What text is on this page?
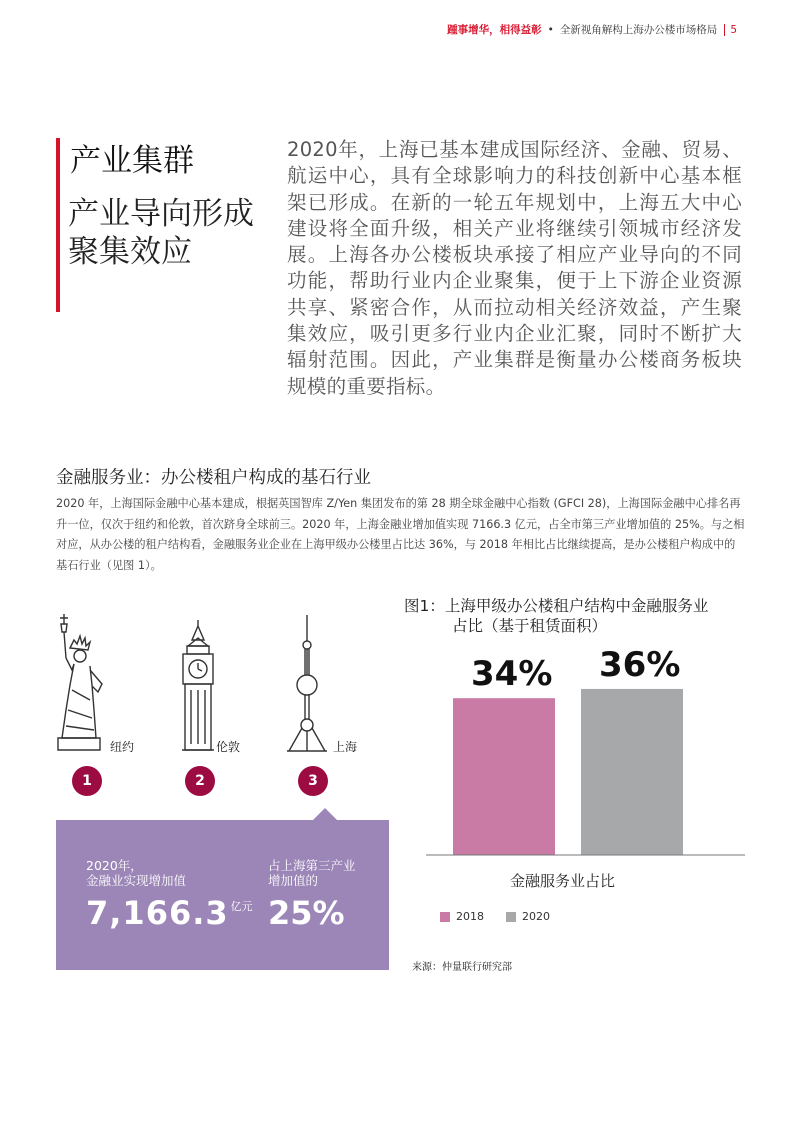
踵事增华，相得益彰 • 全新视角解构上海办公楼市场格局 5
产业集群
产业导向形成
聚集效应
2020年，上海已基本建成国际经济、金融、贸易、航运中心，具有全球影响力的科技创新中心基本框架已形成。在新的一轮五年规划中，上海五大中心建设将全面升级，相关产业将继续引领城市经济发展。上海各办公楼板块承接了相应产业导向的不同功能，帮助行业内企业聚集，便于上下游企业资源共享、紧密合作，从而拉动相关经济效益，产生聚集效应，吸引更多行业内企业汇聚，同时不断扩大辐射范围。因此，产业集群是衡量办公楼商务板块规模的重要指标。
金融服务业：办公楼租户构成的基石行业
2020 年，上海国际金融中心基本建成，根据英国智库 Z/Yen 集团发布的第 28 期全球金融中心指数 (GFCI 28)，上海国际金融中心排名再升一位，仅次于纽约和伦敦，首次跻身全球前三。2020 年，上海金融业增加值实现 7166.3 亿元，占全市第三产业增加值的 25%。与之相对应，从办公楼的租户结构看，金融服务业企业在上海甲级办公楼里占比达 36%，与 2018 年相比占比继续提高，是办公楼租户构成中的基石行业（见图 1）。
纽约	伦敦	上海
1	2	3
2020年，
金融业实现增加值
7,166.3 $^{亿元}$
占上海第三产业
增加值的
25%
图1：上海甲级办公楼租户结构中金融服务业
占比（基于租赁面积）
34% 36%
金融服务业占比
2018	2020
来源：仲量联行研究部
